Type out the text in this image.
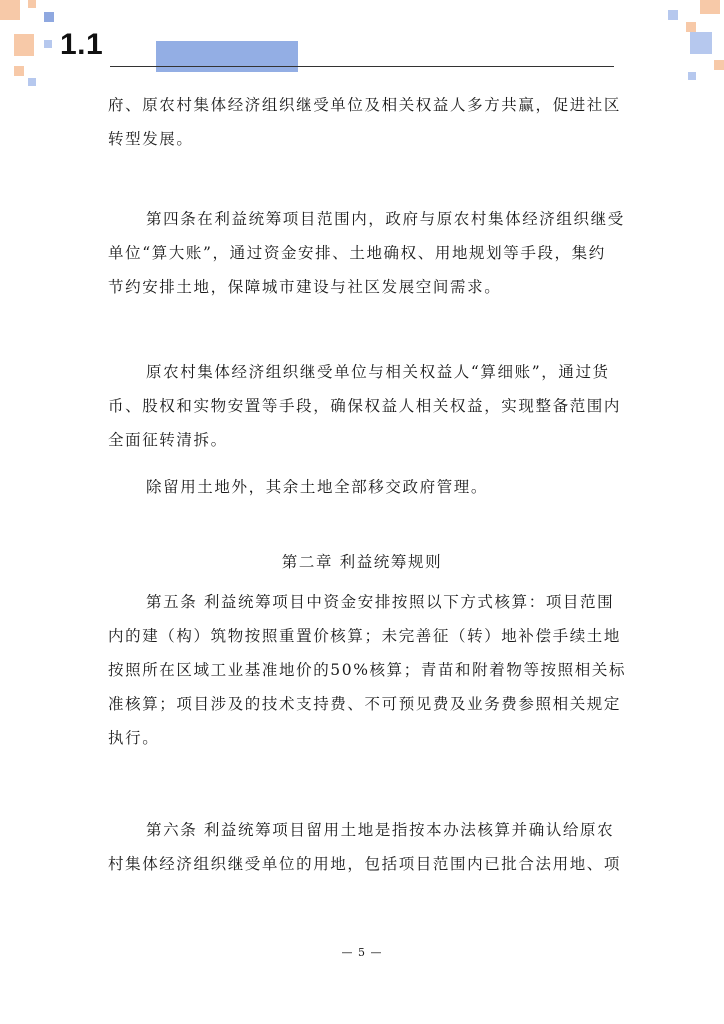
1.1

府、原农村集体经济组织继受单位及相关权益人多方共赢，促进社区
转型发展。

第四条在利益统筹项目范围内，政府与原农村集体经济组织继受
单位“算大账”，通过资金安排、土地确权、用地规划等手段，集约
节约安排土地，保障城市建设与社区发展空间需求。

原农村集体经济组织继受单位与相关权益人“算细账”，通过货
币、股权和实物安置等手段，确保权益人相关权益，实现整备范围内
全面征转清拆。

除留用土地外，其余土地全部移交政府管理。

第二章 利益统筹规则

第五条 利益统筹项目中资金安排按照以下方式核算：项目范围
内的建（构）筑物按照重置价核算；未完善征（转）地补偿手续土地
按照所在区域工业基准地价的50%核算；青苗和附着物等按照相关标
准核算；项目涉及的技术支持费、不可预见费及业务费参照相关规定
执行。

第六条 利益统筹项目留用土地是指按本办法核算并确认给原农
村集体经济组织继受单位的用地，包括项目范围内已批合法用地、项

— 5 —
